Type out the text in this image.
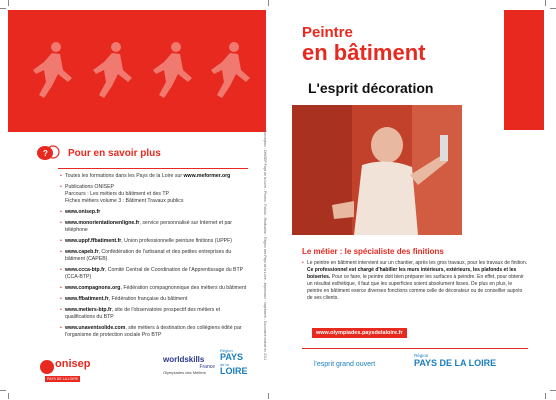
? Pour en savoir plus
• Toutes les formations dans les Pays de la Loire sur www.meformer.org
• Publications ONISEP
Parcours : Les métiers du bâtiment et des TP
Fiches métiers volume 3 : Bâtiment Travaux publics
• www.onisep.fr
• www.monorientationenligne.fr, service personnalisé sur Internet et par téléphone
• www.uppf.ffbatiment.fr, Union professionnelle peinture finitions (UPPF)
• www.capeb.fr, Confédération de l'artisanat et des petites entreprises du bâtiment (CAPEB)
• www.ccca-btp.fr, Comité Central de Coordination de l'Apprentissage du BTP (CCA-BTP)
• www.compagnons.org, Fédération compagnonnique des métiers du bâtiment
• www.ffbatiment.fr, Fédération française du bâtiment
• www.metiers-btp.fr, site de l'observatoire prospectif des métiers et qualifications du BTP
• www.unaventsolide.com, site métiers à destination des collégiens édité par l'organisme de protection sociale Pro BTP
onisep
PAYS DE LA LOIRE
worldskills
France
Olympiades des Métiers
Région
PAYS
de la
LOIRE
Conception : ONISEP Pays de la Loire - Photos : Fotolia - Réalisation : Région des Pays de la Loire - Impression : Imprimerie - Document réalisé en 2011
Peintre
en bâtiment
L'esprit décoration
Le métier : le spécialiste des finitions
• Le peintre en bâtiment intervient sur un chantier, après les gros travaux, pour les travaux de finition. Ce professionnel est chargé d'habiller les murs intérieurs, extérieurs, les plafonds et les boiseries. Pour ce faire, le peintre doit bien préparer les surfaces à peindre. En effet, pour obtenir un résultat esthétique, il faut que les superficies soient absolument lisses. De plus en plus, le peintre en bâtiment exerce diverses fonctions comme celle de décorateur ou de conseiller auprès de ses clients.
www.olympiades.paysdelaloire.fr
l'esprit grand ouvert
Région
PAYS DE LA LOIRE
